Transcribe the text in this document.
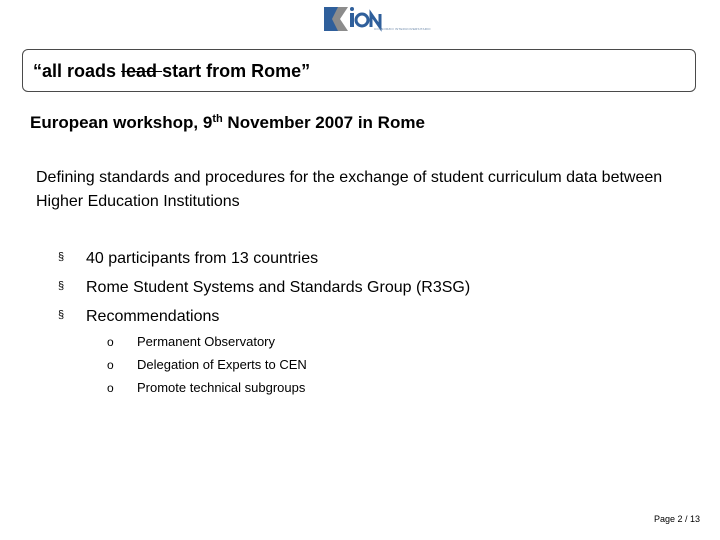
CONSORZIO INTERUNIVERSITARIO
“all roads lead start from Rome”
European workshop, 9th November 2007 in Rome
Defining standards and procedures for the exchange of student curriculum data between Higher Education Institutions
§ 40 participants from 13 countries
§ Rome Student Systems and Standards Group (R3SG)
§ Recommendations
o Permanent Observatory
o Delegation of Experts to CEN
o Promote technical subgroups
Page 2 / 13
